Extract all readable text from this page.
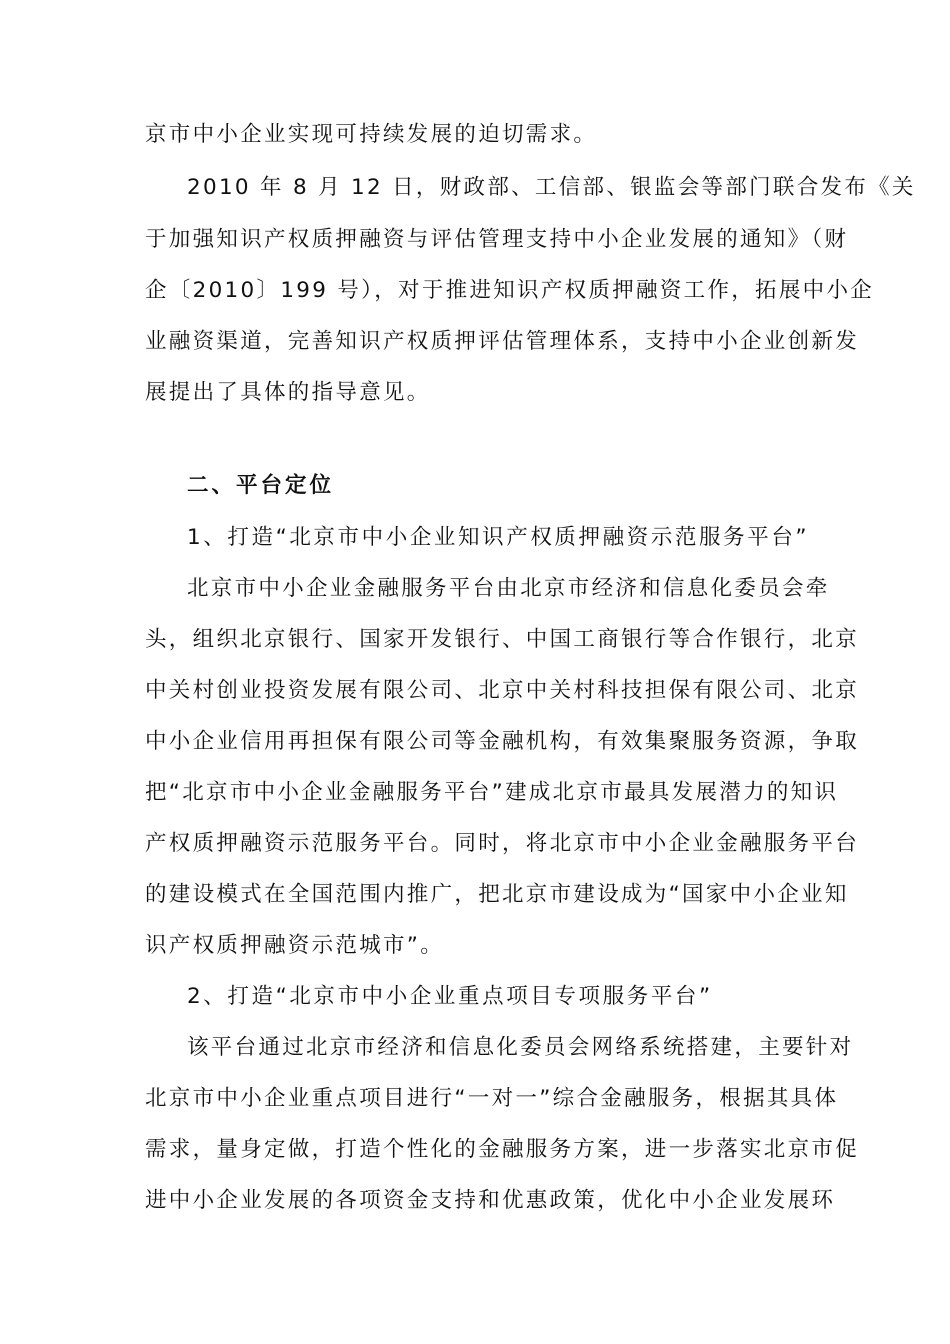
京市中小企业实现可持续发展的迫切需求。
2010 年 8 月 12 日，财政部、工信部、银监会等部门联合发布《关
于加强知识产权质押融资与评估管理支持中小企业发展的通知》（财
企〔2010〕199 号），对于推进知识产权质押融资工作，拓展中小企
业融资渠道，完善知识产权质押评估管理体系，支持中小企业创新发
展提出了具体的指导意见。
二、平台定位
1、打造“北京市中小企业知识产权质押融资示范服务平台”
北京市中小企业金融服务平台由北京市经济和信息化委员会牵
头，组织北京银行、国家开发银行、中国工商银行等合作银行，北京
中关村创业投资发展有限公司、北京中关村科技担保有限公司、北京
中小企业信用再担保有限公司等金融机构，有效集聚服务资源，争取
把“北京市中小企业金融服务平台”建成北京市最具发展潜力的知识
产权质押融资示范服务平台。同时，将北京市中小企业金融服务平台
的建设模式在全国范围内推广，把北京市建设成为“国家中小企业知
识产权质押融资示范城市”。
2、打造“北京市中小企业重点项目专项服务平台”
该平台通过北京市经济和信息化委员会网络系统搭建，主要针对
北京市中小企业重点项目进行“一对一”综合金融服务，根据其具体
需求，量身定做，打造个性化的金融服务方案，进一步落实北京市促
进中小企业发展的各项资金支持和优惠政策，优化中小企业发展环
